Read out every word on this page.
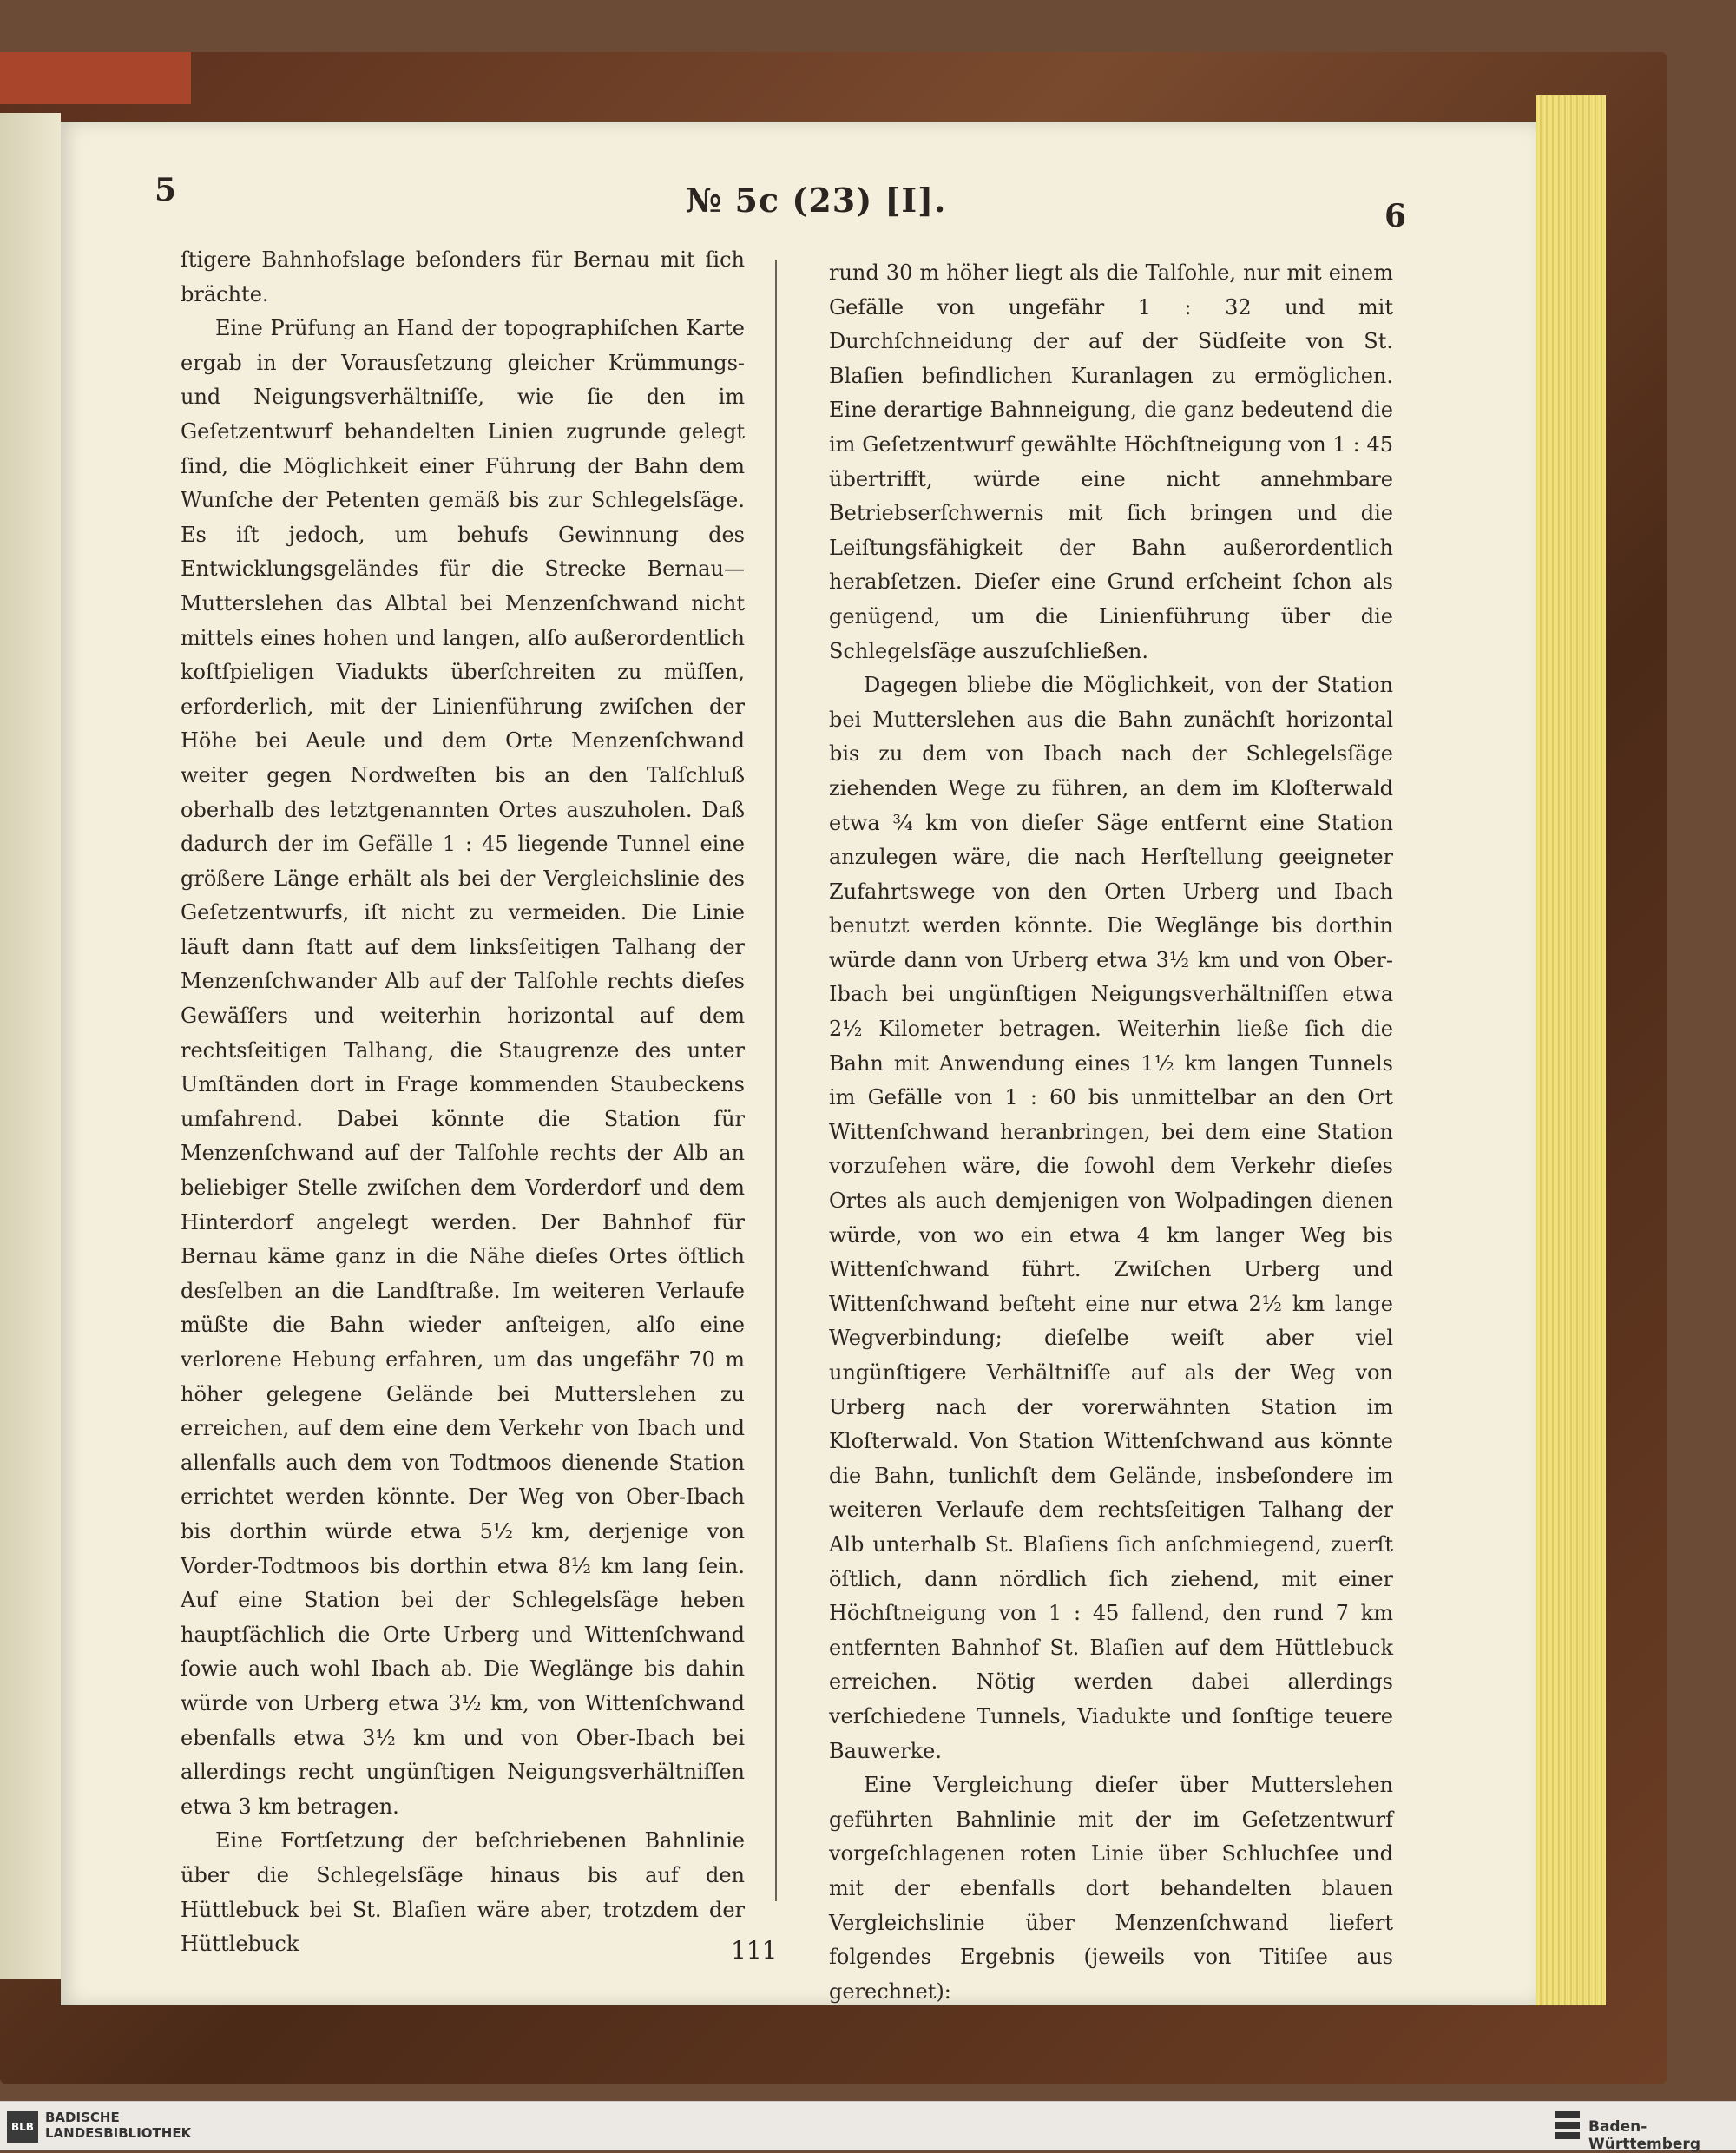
5	№ 5c (23) [I].	6

ſtigere Bahnhofslage beſonders für Bernau mit ſich brächte.

Eine Prüfung an Hand der topographiſchen Karte ergab in der Vorausſetzung gleicher Krümmungs- und Neigungsverhältniſſe, wie ſie den im Geſetzentwurf behandelten Linien zugrunde gelegt ſind, die Möglichkeit einer Führung der Bahn dem Wunſche der Petenten gemäß bis zur Schlegelsſäge. Es iſt jedoch, um behufs Gewinnung des Entwicklungsgeländes für die Strecke Bernau—Mutterslehen das Albtal bei Menzenſchwand nicht mittels eines hohen und langen, alſo außerordentlich koſtſpieligen Viadukts überſchreiten zu müſſen, erforderlich, mit der Linienführung zwiſchen der Höhe bei Aeule und dem Orte Menzenſchwand weiter gegen Nordweſten bis an den Talſchluß oberhalb des letztgenannten Ortes auszuholen. Daß dadurch der im Gefälle 1 : 45 liegende Tunnel eine größere Länge erhält als bei der Vergleichslinie des Geſetzentwurfs, iſt nicht zu vermeiden. Die Linie läuft dann ſtatt auf dem linksſeitigen Talhang der Menzenſchwander Alb auf der Talſohle rechts dieſes Gewäſſers und weiterhin horizontal auf dem rechtsſeitigen Talhang, die Staugrenze des unter Umſtänden dort in Frage kommenden Staubeckens umfahrend. Dabei könnte die Station für Menzenſchwand auf der Talſohle rechts der Alb an beliebiger Stelle zwiſchen dem Vorderdorf und dem Hinterdorf angelegt werden. Der Bahnhof für Bernau käme ganz in die Nähe dieſes Ortes öſtlich desſelben an die Landſtraße. Im weiteren Verlaufe müßte die Bahn wieder anſteigen, alſo eine verlorene Hebung erfahren, um das ungefähr 70 m höher gelegene Gelände bei Mutterslehen zu erreichen, auf dem eine dem Verkehr von Ibach und allenfalls auch dem von Todtmoos dienende Station errichtet werden könnte. Der Weg von Ober-Ibach bis dorthin würde etwa 5½ km, derjenige von Vorder-Todtmoos bis dorthin etwa 8½ km lang ſein. Auf eine Station bei der Schlegelsſäge heben hauptſächlich die Orte Urberg und Wittenſchwand ſowie auch wohl Ibach ab. Die Weglänge bis dahin würde von Urberg etwa 3½ km, von Wittenſchwand ebenfalls etwa 3½ km und von Ober-Ibach bei allerdings recht ungünſtigen Neigungsverhältniſſen etwa 3 km betragen.

Eine Fortſetzung der beſchriebenen Bahnlinie über die Schlegelsſäge hinaus bis auf den Hüttlebuck bei St. Blaſien wäre aber, trotzdem der Hüttlebuck

rund 30 m höher liegt als die Talſohle, nur mit einem Gefälle von ungefähr 1 : 32 und mit Durchſchneidung der auf der Südſeite von St. Blaſien befindlichen Kuranlagen zu ermöglichen. Eine derartige Bahnneigung, die ganz bedeutend die im Geſetzentwurf gewählte Höchſtneigung von 1 : 45 übertrifft, würde eine nicht annehmbare Betriebserſchwernis mit ſich bringen und die Leiſtungsfähigkeit der Bahn außerordentlich herabſetzen. Dieſer eine Grund erſcheint ſchon als genügend, um die Linienführung über die Schlegelsſäge auszuſchließen.

Dagegen bliebe die Möglichkeit, von der Station bei Mutterslehen aus die Bahn zunächſt horizontal bis zu dem von Ibach nach der Schlegelsſäge ziehenden Wege zu führen, an dem im Kloſterwald etwa ¾ km von dieſer Säge entfernt eine Station anzulegen wäre, die nach Herſtellung geeigneter Zufahrtswege von den Orten Urberg und Ibach benutzt werden könnte. Die Weglänge bis dorthin würde dann von Urberg etwa 3½ km und von Ober-Ibach bei ungünſtigen Neigungsverhältniſſen etwa 2½ Kilometer betragen. Weiterhin ließe ſich die Bahn mit Anwendung eines 1½ km langen Tunnels im Gefälle von 1 : 60 bis unmittelbar an den Ort Wittenſchwand heranbringen, bei dem eine Station vorzuſehen wäre, die ſowohl dem Verkehr dieſes Ortes als auch demjenigen von Wolpadingen dienen würde, von wo ein etwa 4 km langer Weg bis Wittenſchwand führt. Zwiſchen Urberg und Wittenſchwand beſteht eine nur etwa 2½ km lange Wegverbindung; dieſelbe weiſt aber viel ungünſtigere Verhältniſſe auf als der Weg von Urberg nach der vorerwähnten Station im Kloſterwald. Von Station Wittenſchwand aus könnte die Bahn, tunlichſt dem Gelände, insbeſondere im weiteren Verlaufe dem rechtsſeitigen Talhang der Alb unterhalb St. Blaſiens ſich anſchmiegend, zuerſt öſtlich, dann nördlich ſich ziehend, mit einer Höchſtneigung von 1 : 45 fallend, den rund 7 km entfernten Bahnhof St. Blaſien auf dem Hüttlebuck erreichen. Nötig werden dabei allerdings verſchiedene Tunnels, Viadukte und ſonſtige teuere Bauwerke.

Eine Vergleichung dieſer über Mutterslehen geführten Bahnlinie mit der im Geſetzentwurf vorgeſchlagenen roten Linie über Schluchſee und mit der ebenfalls dort behandelten blauen Vergleichslinie über Menzenſchwand liefert folgendes Ergebnis (jeweils von Titiſee aus gerechnet):

111
BLB
BADISCHE
LANDESBIBLIOTHEK	Baden-Württemberg
